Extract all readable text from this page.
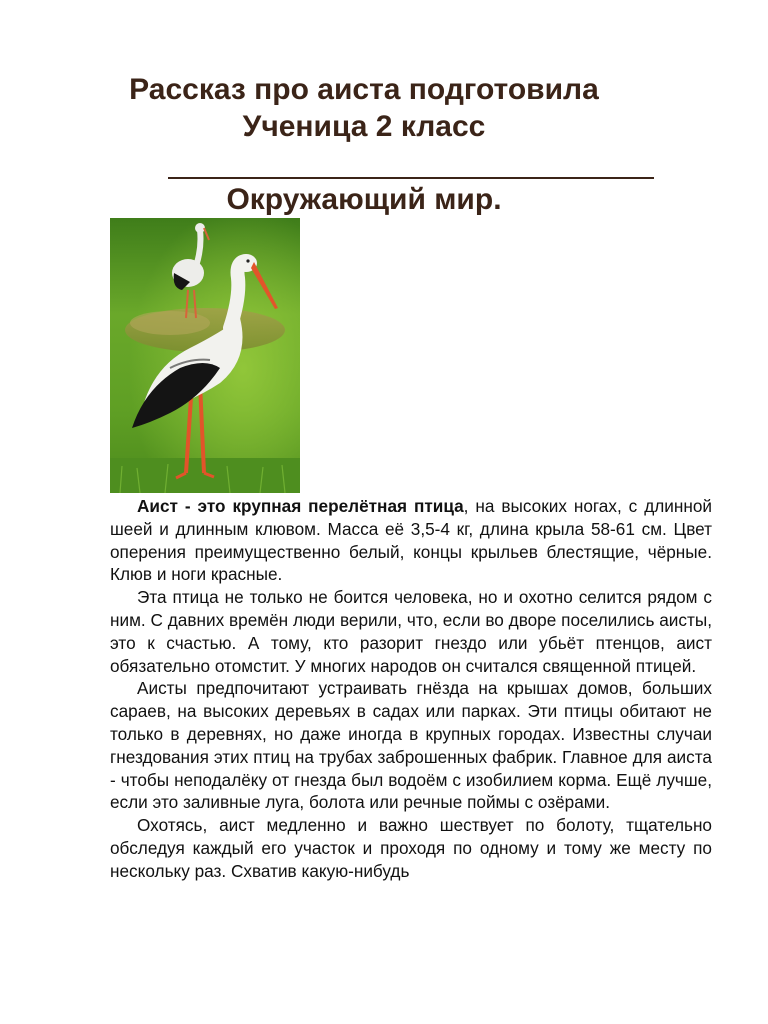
Рассказ про аиста подготовила
Ученица 2 класс
Окружающий мир.

Аист - это крупная перелётная птица, на высоких ногах, с длинной шеей и длинным клювом. Масса её 3,5-4 кг, длина крыла 58-61 см. Цвет оперения преимущественно белый, концы крыльев блестящие, чёрные. Клюв и ноги красные.

Эта птица не только не боится человека, но и охотно селится рядом с ним. С давних времён люди верили, что, если во дворе поселились аисты, это к счастью. А тому, кто разорит гнездо или убьёт птенцов, аист обязательно отомстит. У многих народов он считался священной птицей.

Аисты предпочитают устраивать гнёзда на крышах домов, больших сараев, на высоких деревьях в садах или парках. Эти птицы обитают не только в деревнях, но даже иногда в крупных городах. Известны случаи гнездования этих птиц на трубах заброшенных фабрик. Главное для аиста - чтобы неподалёку от гнезда был водоём с изобилием корма. Ещё лучше, если это заливные луга, болота или речные поймы с озёрами.

Охотясь, аист медленно и важно шествует по болоту, тщательно обследуя каждый его участок и проходя по одному и тому же месту по нескольку раз. Схватив какую-нибудь
